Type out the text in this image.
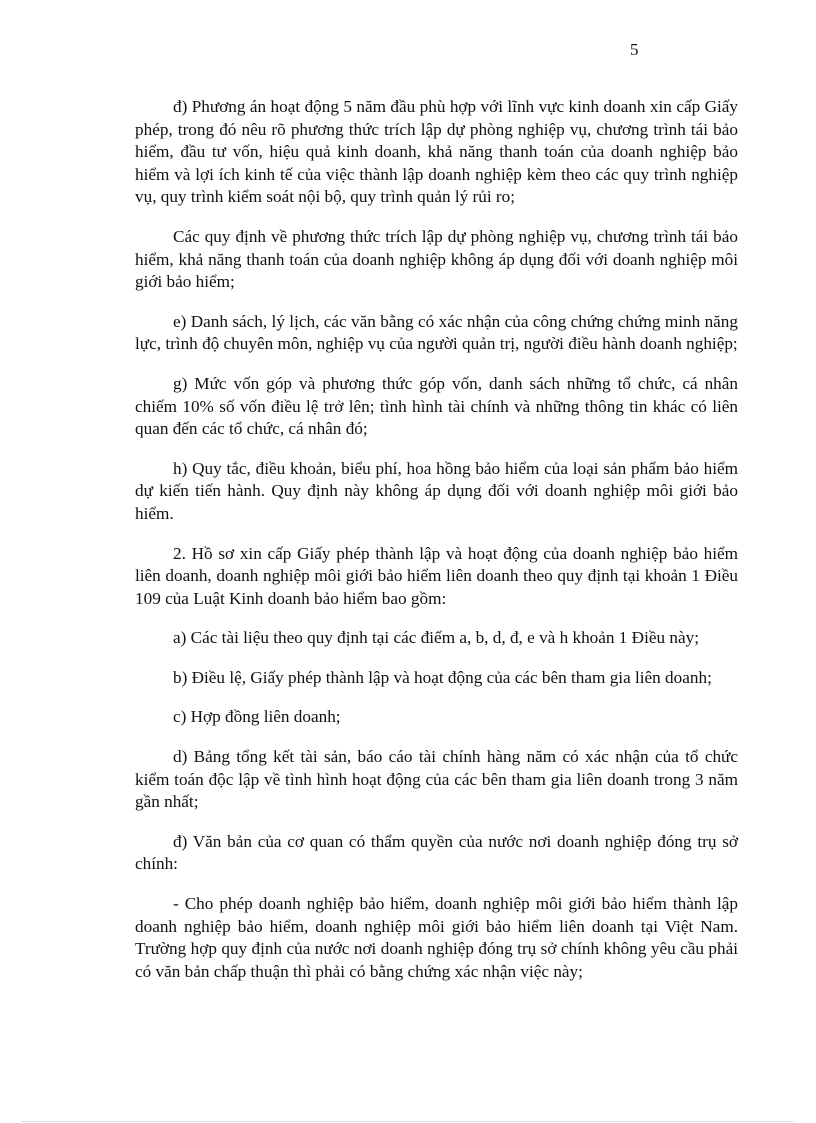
5

đ) Phương án hoạt động 5 năm đầu phù hợp với lĩnh vực kinh doanh xin cấp Giấy phép, trong đó nêu rõ phương thức trích lập dự phòng nghiệp vụ, chương trình tái bảo hiểm, đầu tư vốn, hiệu quả kinh doanh, khả năng thanh toán của doanh nghiệp bảo hiểm và lợi ích kinh tế của việc thành lập doanh nghiệp kèm theo các quy trình nghiệp vụ, quy trình kiểm soát nội bộ, quy trình quản lý rủi ro;

Các quy định về phương thức trích lập dự phòng nghiệp vụ, chương trình tái bảo hiểm, khả năng thanh toán của doanh nghiệp không áp dụng đối với doanh nghiệp môi giới bảo hiểm;

e) Danh sách, lý lịch, các văn bằng có xác nhận của công chứng chứng minh năng lực, trình độ chuyên môn, nghiệp vụ của người quản trị, người điều hành doanh nghiệp;

g) Mức vốn góp và phương thức góp vốn, danh sách những tổ chức, cá nhân chiếm 10% số vốn điều lệ trở lên; tình hình tài chính và những thông tin khác có liên quan đến các tổ chức, cá nhân đó;

h) Quy tắc, điều khoản, biểu phí, hoa hồng bảo hiểm của loại sản phẩm bảo hiểm dự kiến tiến hành. Quy định này không áp dụng đối với doanh nghiệp môi giới bảo hiểm.

2. Hồ sơ xin cấp Giấy phép thành lập và hoạt động của doanh nghiệp bảo hiểm liên doanh, doanh nghiệp môi giới bảo hiểm liên doanh theo quy định tại khoản 1 Điều 109 của Luật Kinh doanh bảo hiểm bao gồm:

a) Các tài liệu theo quy định tại các điểm a, b, d, đ, e và h khoản 1 Điều này;

b) Điều lệ, Giấy phép thành lập và hoạt động của các bên tham gia liên doanh;

c) Hợp đồng liên doanh;

d) Bảng tổng kết tài sản, báo cáo tài chính hàng năm có xác nhận của tổ chức kiểm toán độc lập về tình hình hoạt động của các bên tham gia liên doanh trong 3 năm gần nhất;

đ) Văn bản của cơ quan có thẩm quyền của nước nơi doanh nghiệp đóng trụ sở chính:

- Cho phép doanh nghiệp bảo hiểm, doanh nghiệp môi giới bảo hiểm thành lập doanh nghiệp bảo hiểm, doanh nghiệp môi giới bảo hiểm liên doanh tại Việt Nam. Trường hợp quy định của nước nơi doanh nghiệp đóng trụ sở chính không yêu cầu phải có văn bản chấp thuận thì phải có bằng chứng xác nhận việc này;
